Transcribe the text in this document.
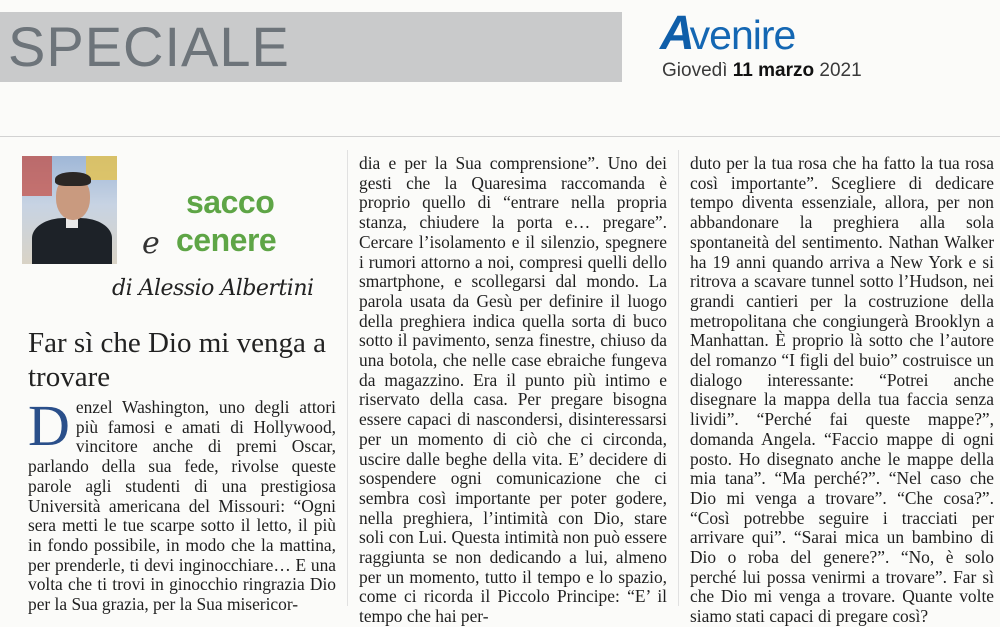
SPECIALE	Avenire
Giovedì 11 marzo 2021
sacco
e cenere
di Alessio Albertini
Far sì che Dio mi venga a trovare

Denzel Washington, uno degli attori più famosi e amati di Hollywood, vincitore anche di premi Oscar, parlando della sua fede, rivolse queste parole agli studenti di una prestigiosa Università americana del Missouri: “Ogni sera metti le tue scarpe sotto il letto, il più in fondo possibile, in modo che la mattina, per prenderle, ti devi inginocchiare… E una volta che ti trovi in ginocchio ringrazia Dio per la Sua grazia, per la Sua misericor-

dia e per la Sua comprensione”. Uno dei gesti che la Quaresima raccomanda è proprio quello di “entrare nella propria stanza, chiudere la porta e… pregare”. Cercare l’isolamento e il silenzio, spegnere i rumori attorno a noi, compresi quelli dello smartphone, e scollegarsi dal mondo. La parola usata da Gesù per definire il luogo della preghiera indica quella sorta di buco sotto il pavimento, senza finestre, chiuso da una botola, che nelle case ebraiche fungeva da magazzino. Era il punto più intimo e riservato della casa. Per pregare bisogna essere capaci di nascondersi, disinteressarsi per un momento di ciò che ci circonda, uscire dalle beghe della vita. E’ decidere di sospendere ogni comunicazione che ci sembra così importante per poter godere, nella preghiera, l’intimità con Dio, stare soli con Lui. Questa intimità non può essere raggiunta se non dedicando a lui, almeno per un momento, tutto il tempo e lo spazio, come ci ricorda il Piccolo Principe: “E’ il tempo che hai per-

duto per la tua rosa che ha fatto la tua rosa così importante”. Scegliere di dedicare tempo diventa essenziale, allora, per non abbandonare la preghiera alla sola spontaneità del sentimento. Nathan Walker ha 19 anni quando arriva a New York e si ritrova a scavare tunnel sotto l’Hudson, nei grandi cantieri per la costruzione della metropolitana che congiungerà Brooklyn a Manhattan. È proprio là sotto che l’autore del romanzo “I figli del buio” costruisce un dialogo interessante: “Potrei anche disegnare la mappa della tua faccia senza lividi”. “Perché fai queste mappe?”, domanda Angela. “Faccio mappe di ogni posto. Ho disegnato anche le mappe della mia tana”. “Ma perché?”. “Nel caso che Dio mi venga a trovare”. “Che cosa?”. “Così potrebbe seguire i tracciati per arrivare qui”. “Sarai mica un bambino di Dio o roba del genere?”. “No, è solo perché lui possa venirmi a trovare”. Far sì che Dio mi venga a trovare. Quante volte siamo stati capaci di pregare così?
